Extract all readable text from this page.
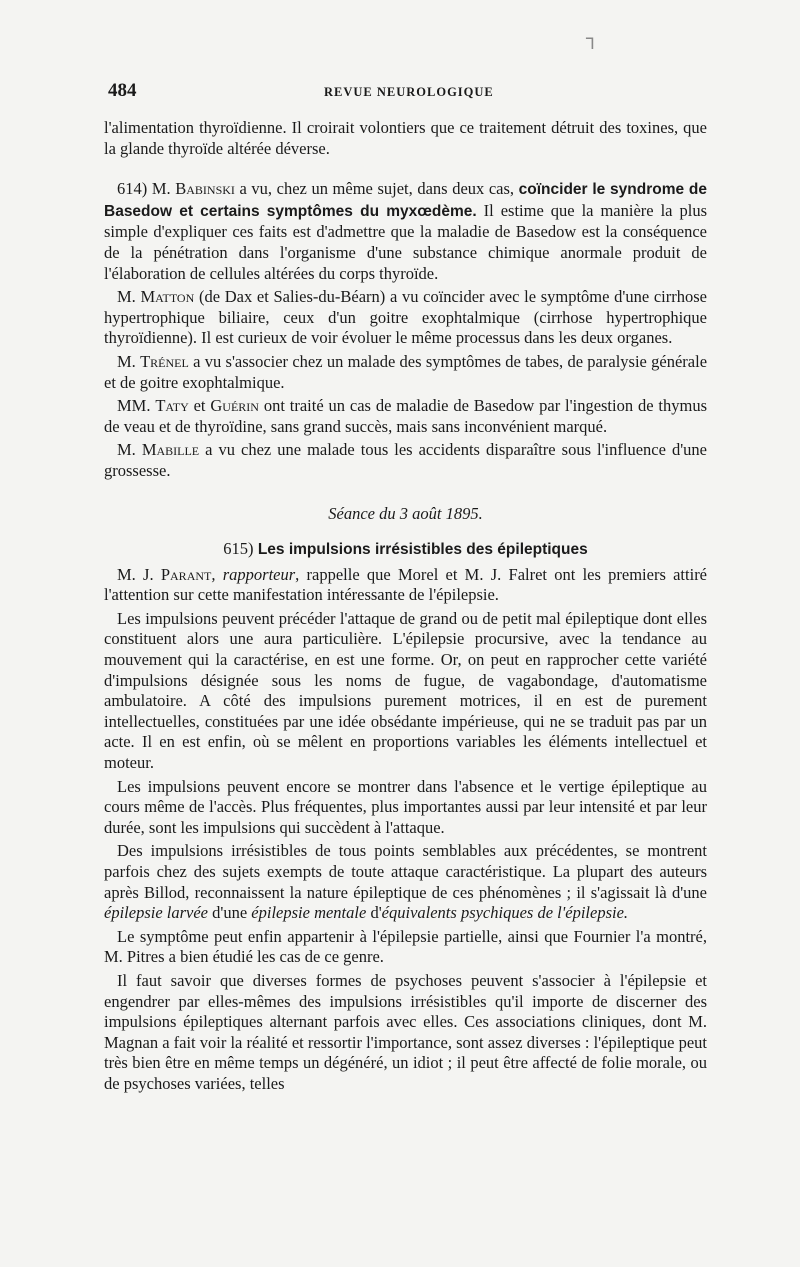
ᒣ
484	REVUE NEUROLOGIQUE

l'alimentation thyroïdienne. Il croirait volontiers que ce traitement détruit des toxines, que la glande thyroïde altérée déverse.

614) M. Babinski a vu, chez un même sujet, dans deux cas, coïncider le syndrome de Basedow et certains symptômes du myxœdème. Il estime que la manière la plus simple d'expliquer ces faits est d'admettre que la maladie de Basedow est la conséquence de la pénétration dans l'organisme d'une substance chimique anormale produit de l'élaboration de cellules altérées du corps thyroïde.

M. Matton (de Dax et Salies-du-Béarn) a vu coïncider avec le symptôme d'une cirrhose hypertrophique biliaire, ceux d'un goitre exophtalmique (cirrhose hypertrophique thyroïdienne). Il est curieux de voir évoluer le même processus dans les deux organes.

M. Trénel a vu s'associer chez un malade des symptômes de tabes, de paralysie générale et de goitre exophtalmique.

MM. Taty et Guérin ont traité un cas de maladie de Basedow par l'ingestion de thymus de veau et de thyroïdine, sans grand succès, mais sans inconvénient marqué.

M. Mabille a vu chez une malade tous les accidents disparaître sous l'influence d'une grossesse.

Séance du 3 août 1895.

615) Les impulsions irrésistibles des épileptiques

M. J. Parant, rapporteur, rappelle que Morel et M. J. Falret ont les premiers attiré l'attention sur cette manifestation intéressante de l'épilepsie.

Les impulsions peuvent précéder l'attaque de grand ou de petit mal épileptique dont elles constituent alors une aura particulière. L'épilepsie procursive, avec la tendance au mouvement qui la caractérise, en est une forme. Or, on peut en rapprocher cette variété d'impulsions désignée sous les noms de fugue, de vagabondage, d'automatisme ambulatoire. A côté des impulsions purement motrices, il en est de purement intellectuelles, constituées par une idée obsédante impérieuse, qui ne se traduit pas par un acte. Il en est enfin, où se mêlent en proportions variables les éléments intellectuel et moteur.

Les impulsions peuvent encore se montrer dans l'absence et le vertige épileptique au cours même de l'accès. Plus fréquentes, plus importantes aussi par leur intensité et par leur durée, sont les impulsions qui succèdent à l'attaque.

Des impulsions irrésistibles de tous points semblables aux précédentes, se montrent parfois chez des sujets exempts de toute attaque caractéristique. La plupart des auteurs après Billod, reconnaissent la nature épileptique de ces phénomènes ; il s'agissait là d'une épilepsie larvée d'une épilepsie mentale d'équivalents psychiques de l'épilepsie.

Le symptôme peut enfin appartenir à l'épilepsie partielle, ainsi que Fournier l'a montré, M. Pitres a bien étudié les cas de ce genre.

Il faut savoir que diverses formes de psychoses peuvent s'associer à l'épilepsie et engendrer par elles-mêmes des impulsions irrésistibles qu'il importe de discerner des impulsions épileptiques alternant parfois avec elles. Ces associations cliniques, dont M. Magnan a fait voir la réalité et ressortir l'importance, sont assez diverses : l'épileptique peut très bien être en même temps un dégénéré, un idiot ; il peut être affecté de folie morale, ou de psychoses variées, telles
